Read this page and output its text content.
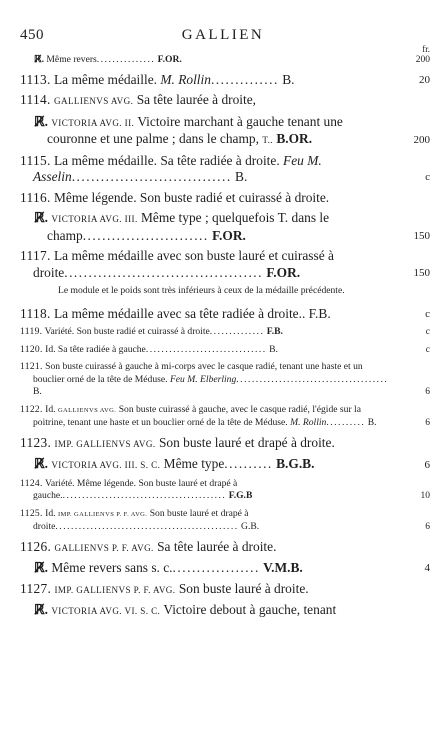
450	GALLIEN
fr.
ℝ̸. Même revers............... F.OR.	200
1113. La même médaille. M. Rollin.............. B.	20
1114. GALLIENVS AVG. Sa tête laurée à droite,
ℝ̸. VICTORIA AVG. II. Victoire marchant à gauche tenant une couronne et une palme ; dans le champ, T.. B.OR.	200
1115. La même médaille. Sa tête radiée à droite. Feu M. Asselin................................. B.	c
1116. Même légende. Son buste radié et cuirassé à droite.
ℝ̸. VICTORIA AVG. III. Même type ; quelquefois T. dans le champ.......................... F.OR.	150
1117. La même médaille avec son buste lauré et cuirassé à droite......................................... F.OR.	150
Le module et le poids sont très inférieurs à ceux de la médaille précédente.
1118. La même médaille avec sa tête radiée à droite.. F.B.	c
1119. Variété. Son buste radié et cuirassé à droite.............. F.B.	c
1120. Id. Sa tête radiée à gauche............................... B.	c
1121. Son buste cuirassé à gauche à mi-corps avec le casque radié, tenant une haste et un bouclier orné de la tête de Méduse. Feu M. Elberling....................................... B.	6
1122. Id. GALLIENVS AVG. Son buste cuirassé à gauche, avec le casque radié, l'égide sur la poitrine, tenant une haste et un bouclier orné de la tête de Méduse. M. Rollin.......... B.	6
1123. IMP. GALLIENVS AVG. Son buste lauré et drapé à droite.
ℝ̸. VICTORIA AVG. III. S. C. Même type.......... B.G.B.	6
1124. Variété. Même légende. Son buste lauré et drapé à gauche........................................... F.G.B	10
1125. Id. IMP. GALLIENVS P. F. AVG. Son buste lauré et drapé à droite............................................... G.B.	6
1126. GALLIENVS P. F. AVG. Sa tête laurée à droite.
ℝ̸. Même revers sans s. c................... V.M.B.	4
1127. IMP. GALLIENVS P. F. AVG. Son buste lauré à droite.
ℝ̸. VICTORIA AVG. VI. S. C. Victoire debout à gauche, tenant
